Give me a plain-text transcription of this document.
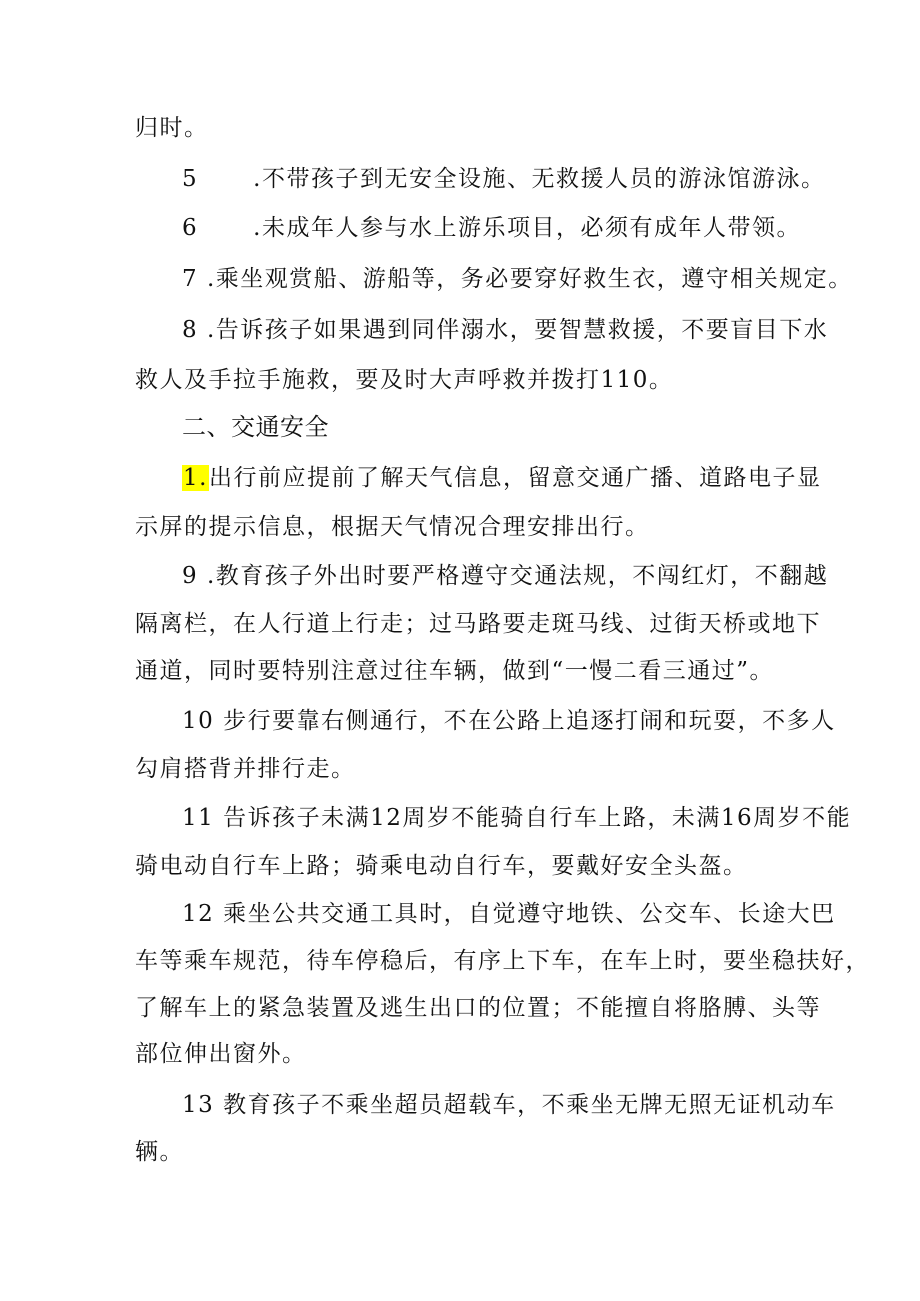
归时。
5 .不带孩子到无安全设施、无救援人员的游泳馆游泳。
6 .未成年人参与水上游乐项目，必须有成年人带领。
7 .乘坐观赏船、游船等，务必要穿好救生衣，遵守相关规定。
8 .告诉孩子如果遇到同伴溺水，要智慧救援，不要盲目下水
救人及手拉手施救，要及时大声呼救并拨打110。
二、交通安全
1.出行前应提前了解天气信息，留意交通广播、道路电子显
示屏的提示信息，根据天气情况合理安排出行。
9 .教育孩子外出时要严格遵守交通法规，不闯红灯，不翻越
隔离栏，在人行道上行走；过马路要走斑马线、过街天桥或地下
通道，同时要特别注意过往车辆，做到“一慢二看三通过”。
10 步行要靠右侧通行，不在公路上追逐打闹和玩耍，不多人
勾肩搭背并排行走。
11 告诉孩子未满12周岁不能骑自行车上路，未满16周岁不能
骑电动自行车上路；骑乘电动自行车，要戴好安全头盔。
12 乘坐公共交通工具时，自觉遵守地铁、公交车、长途大巴
车等乘车规范，待车停稳后，有序上下车，在车上时，要坐稳扶好，
了解车上的紧急装置及逃生出口的位置；不能擅自将胳膊、头等
部位伸出窗外。
13 教育孩子不乘坐超员超载车，不乘坐无牌无照无证机动车
辆。
